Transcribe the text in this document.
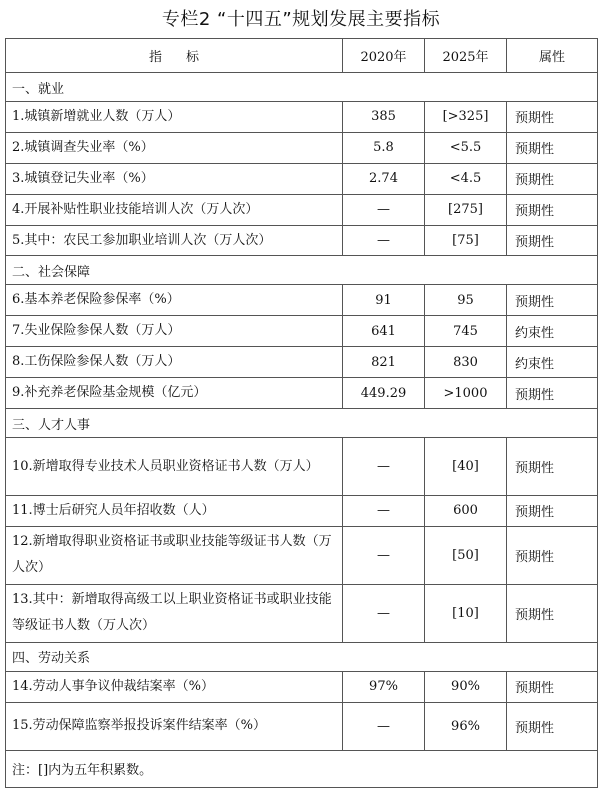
专栏2 “十四五”规划发展主要指标
指标	2020年	2025年	属性
一、就业			
1.城镇新增就业人数（万人）	385	[>325]	预期性
2.城镇调查失业率（%）	5.8	<5.5	预期性
3.城镇登记失业率（%）	2.74	<4.5	预期性
4.开展补贴性职业技能培训人次（万人次）	—	[275]	预期性
5.其中：农民工参加职业培训人次（万人次）	—	[75]	预期性
二、社会保障			
6.基本养老保险参保率（%）	91	95	预期性
7.失业保险参保人数（万人）	641	745	约束性
8.工伤保险参保人数（万人）	821	830	约束性
9.补充养老保险基金规模（亿元）	449.29	>1000	预期性
三、人才人事			
10.新增取得专业技术人员职业资格证书人数（万人）	—	[40]	预期性
11.博士后研究人员年招收数（人）	—	600	预期性
12.新增取得职业资格证书或职业技能等级证书人数（万人次）	—	[50]	预期性
13.其中：新增取得高级工以上职业资格证书或职业技能等级证书人数（万人次）	—	[10]	预期性
四、劳动关系			
14.劳动人事争议仲裁结案率（%）	97%	90%	预期性
15.劳动保障监察举报投诉案件结案率（%）	—	96%	预期性
注：[]内为五年积累数。			
